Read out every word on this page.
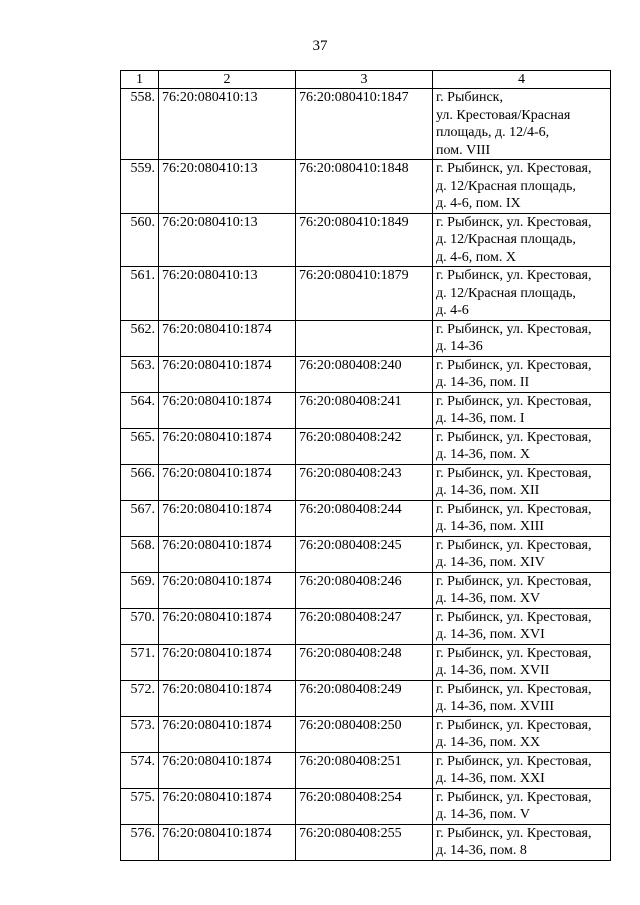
37
1	2	3	4
558.	76:20:080410:13	76:20:080410:1847	г. Рыбинск,
ул. Крестовая/Красная
площадь, д. 12/4-6,
пом. VIII
559.	76:20:080410:13	76:20:080410:1848	г. Рыбинск, ул. Крестовая,
д. 12/Красная площадь,
д. 4-6, пом. IX
560.	76:20:080410:13	76:20:080410:1849	г. Рыбинск, ул. Крестовая,
д. 12/Красная площадь,
д. 4-6, пом. X
561.	76:20:080410:13	76:20:080410:1879	г. Рыбинск, ул. Крестовая,
д. 12/Красная площадь,
д. 4-6
562.	76:20:080410:1874		г. Рыбинск, ул. Крестовая,
д. 14-36
563.	76:20:080410:1874	76:20:080408:240	г. Рыбинск, ул. Крестовая,
д. 14-36, пом. II
564.	76:20:080410:1874	76:20:080408:241	г. Рыбинск, ул. Крестовая,
д. 14-36, пом. I
565.	76:20:080410:1874	76:20:080408:242	г. Рыбинск, ул. Крестовая,
д. 14-36, пом. X
566.	76:20:080410:1874	76:20:080408:243	г. Рыбинск, ул. Крестовая,
д. 14-36, пом. XII
567.	76:20:080410:1874	76:20:080408:244	г. Рыбинск, ул. Крестовая,
д. 14-36, пом. XIII
568.	76:20:080410:1874	76:20:080408:245	г. Рыбинск, ул. Крестовая,
д. 14-36, пом. XIV
569.	76:20:080410:1874	76:20:080408:246	г. Рыбинск, ул. Крестовая,
д. 14-36, пом. XV
570.	76:20:080410:1874	76:20:080408:247	г. Рыбинск, ул. Крестовая,
д. 14-36, пом. XVI
571.	76:20:080410:1874	76:20:080408:248	г. Рыбинск, ул. Крестовая,
д. 14-36, пом. XVII
572.	76:20:080410:1874	76:20:080408:249	г. Рыбинск, ул. Крестовая,
д. 14-36, пом. XVIII
573.	76:20:080410:1874	76:20:080408:250	г. Рыбинск, ул. Крестовая,
д. 14-36, пом. XX
574.	76:20:080410:1874	76:20:080408:251	г. Рыбинск, ул. Крестовая,
д. 14-36, пом. XXI
575.	76:20:080410:1874	76:20:080408:254	г. Рыбинск, ул. Крестовая,
д. 14-36, пом. V
576.	76:20:080410:1874	76:20:080408:255	г. Рыбинск, ул. Крестовая,
д. 14-36, пом. 8
